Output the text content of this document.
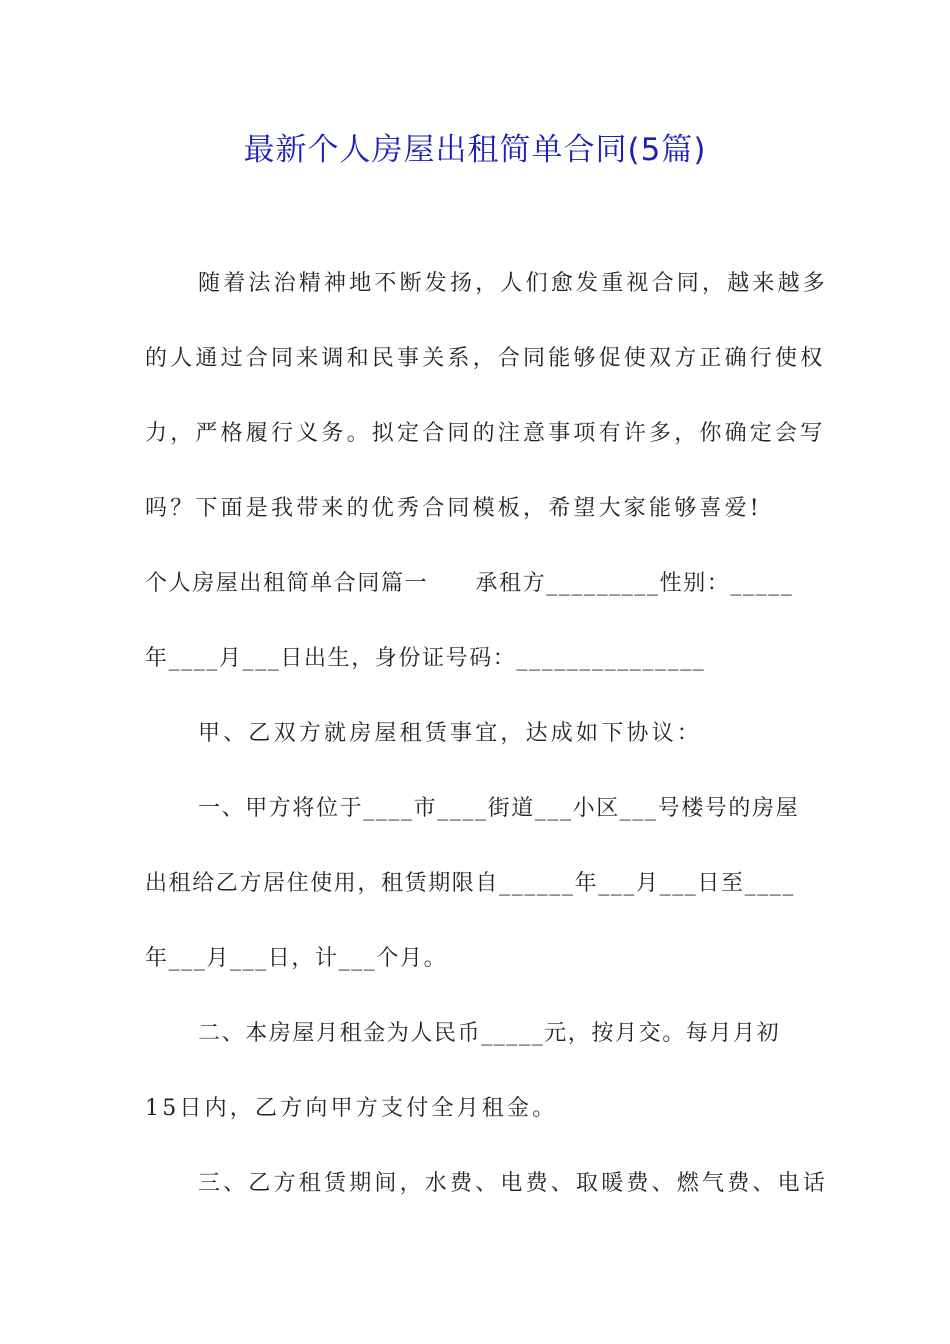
最新个人房屋出租简单合同(5篇)
随着法治精神地不断发扬，人们愈发重视合同，越来越多
的人通过合同来调和民事关系，合同能够促使双方正确行使权
力，严格履行义务。拟定合同的注意事项有许多，你确定会写
吗？下面是我带来的优秀合同模板，希望大家能够喜爱!
个人房屋出租简单合同篇一　　承租方_________性别：_____
年____月___日出生，身份证号码：_______________
甲、乙双方就房屋租赁事宜，达成如下协议：
一、甲方将位于____市____街道___小区___号楼号的房屋
出租给乙方居住使用，租赁期限自______年___月___日至____
年___月___日，计___个月。
二、本房屋月租金为人民币_____元，按月交。每月月初
15日内，乙方向甲方支付全月租金。
三、乙方租赁期间，水费、电费、取暖费、燃气费、电话
